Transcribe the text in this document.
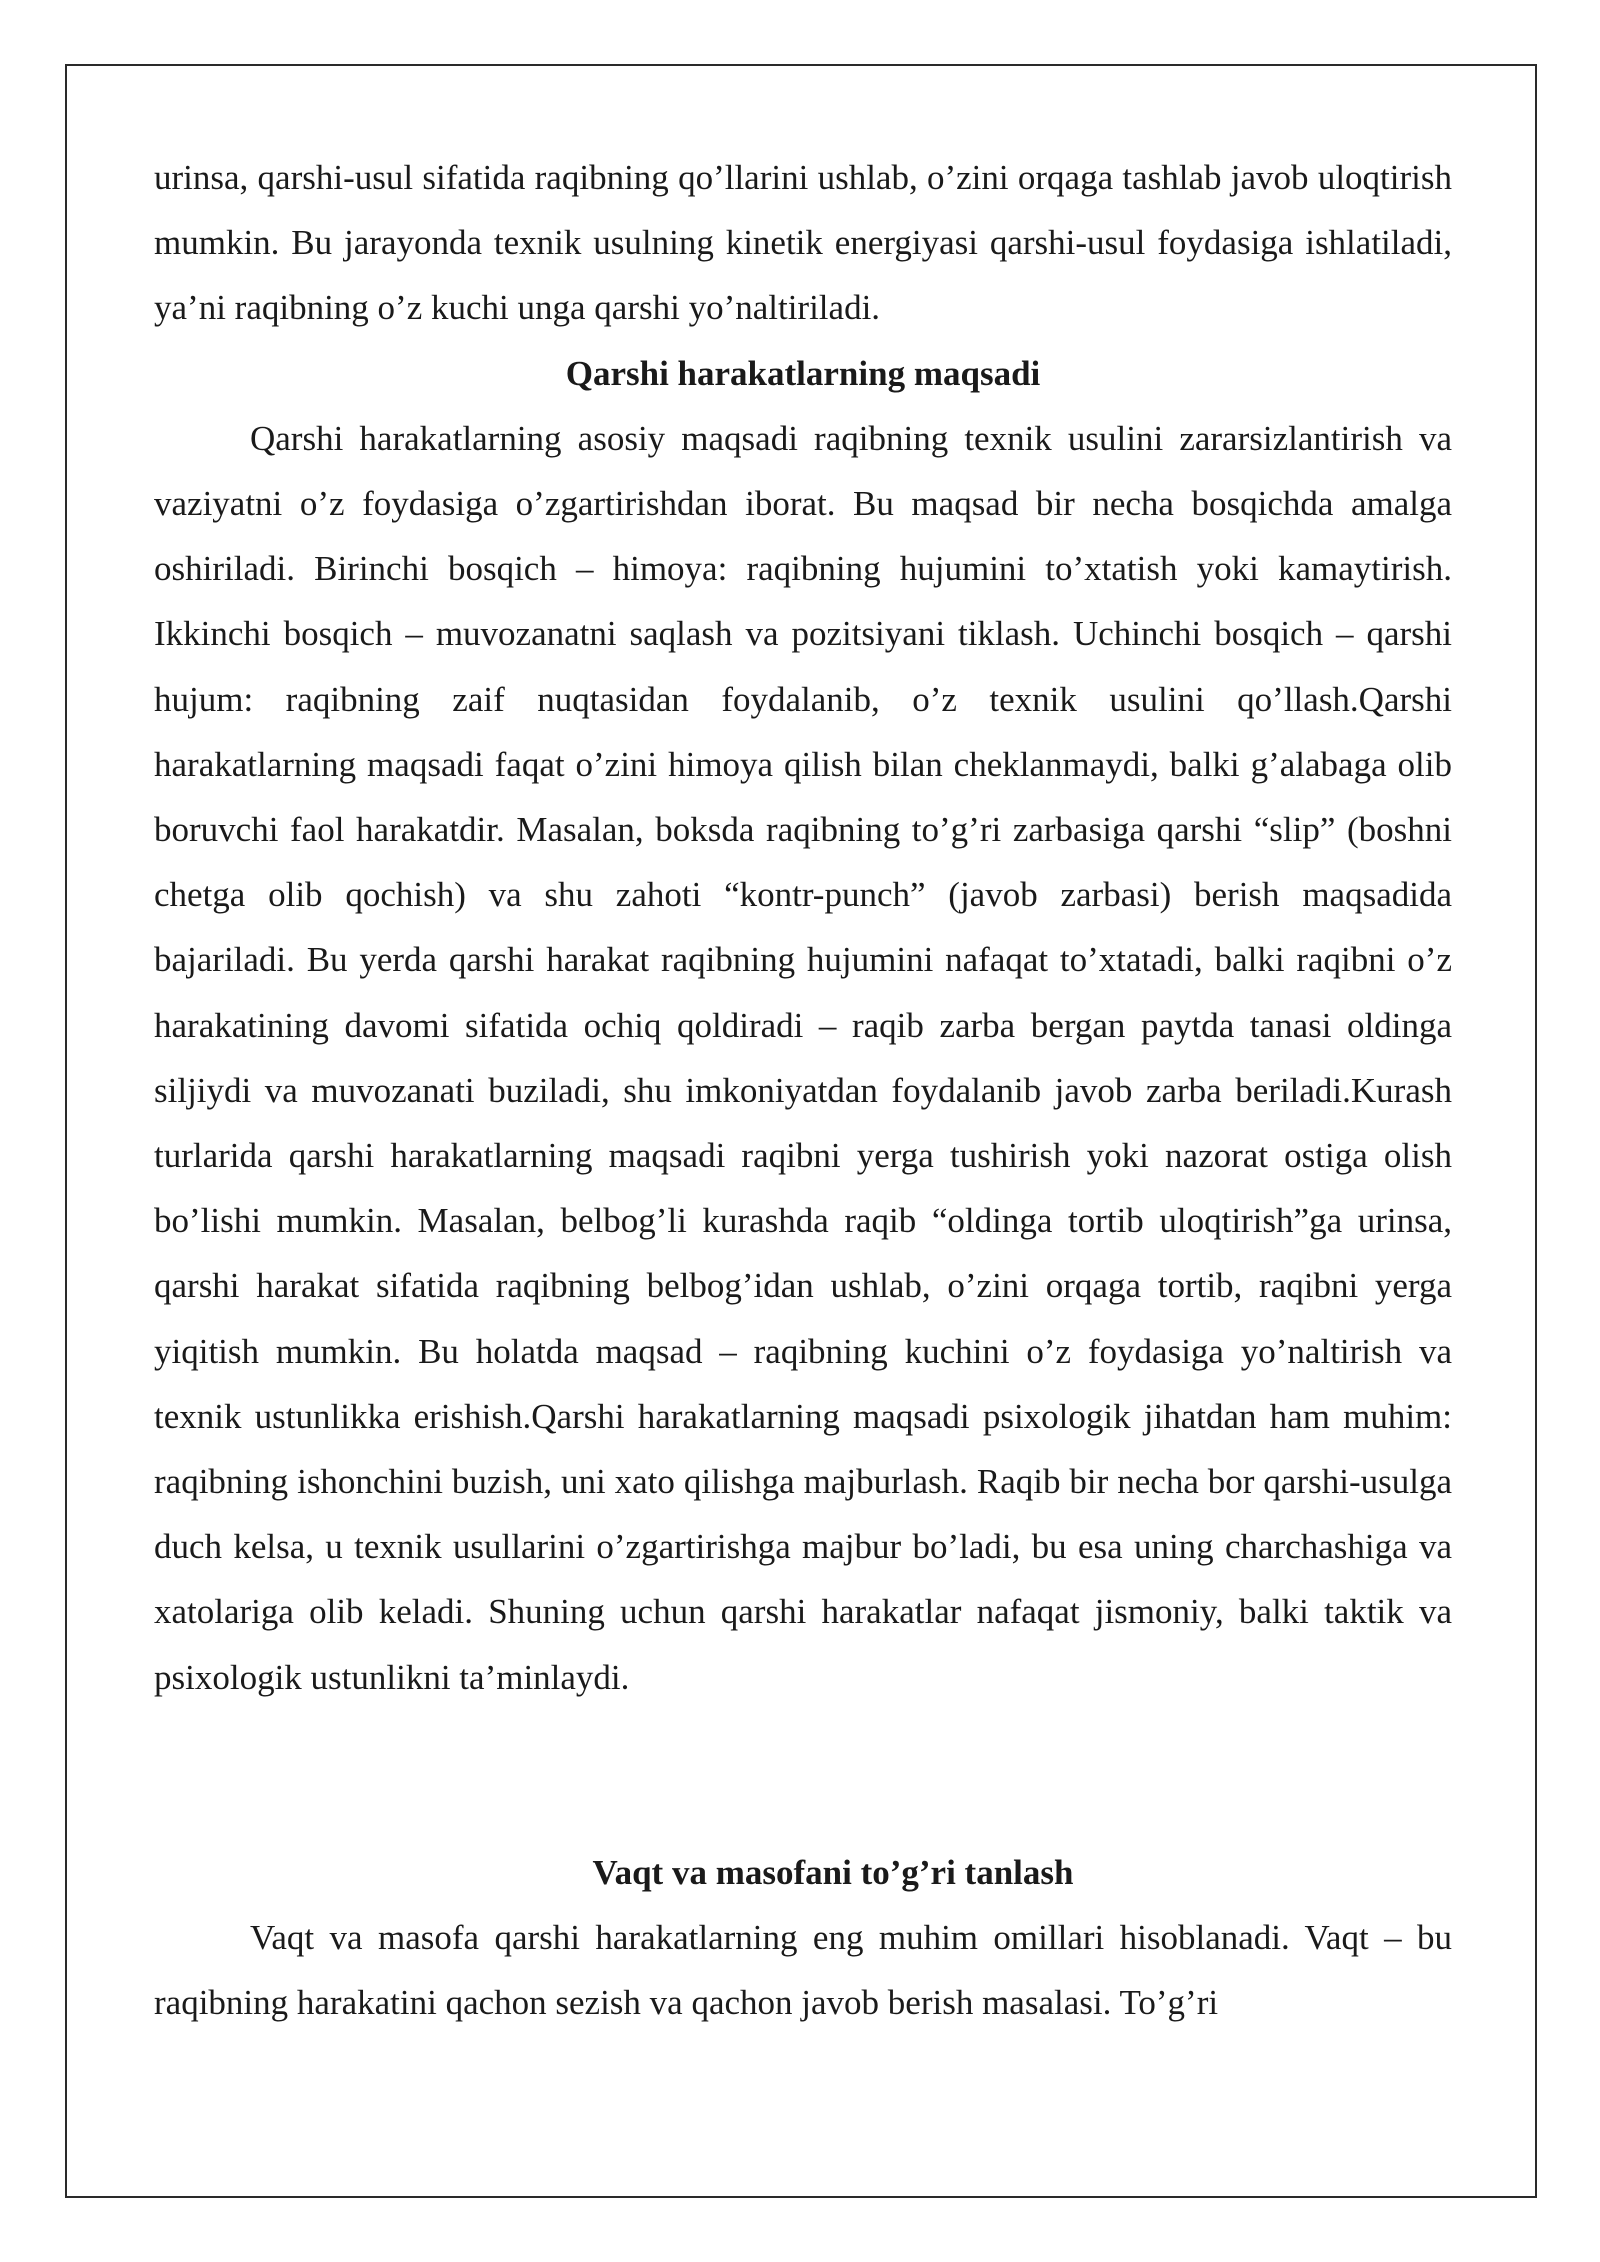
urinsa, qarshi-usul sifatida raqibning qo’llarini ushlab, o’zini orqaga tashlab javob uloqtirish mumkin. Bu jarayonda texnik usulning kinetik energiyasi qarshi-usul foydasiga ishlatiladi, ya’ni raqibning o’z kuchi unga qarshi yo’naltiriladi.

Qarshi harakatlarning maqsadi

Qarshi harakatlarning asosiy maqsadi raqibning texnik usulini zararsizlantirish va vaziyatni o’z foydasiga o’zgartirishdan iborat. Bu maqsad bir necha bosqichda amalga oshiriladi. Birinchi bosqich – himoya: raqibning hujumini to’xtatish yoki kamaytirish. Ikkinchi bosqich – muvozanatni saqlash va pozitsiyani tiklash. Uchinchi bosqich – qarshi hujum: raqibning zaif nuqtasidan foydalanib, o’z texnik usulini qo’llash.Qarshi harakatlarning maqsadi faqat o’zini himoya qilish bilan cheklanmaydi, balki g’alabaga olib boruvchi faol harakatdir. Masalan, boksda raqibning to’g’ri zarbasiga qarshi “slip” (boshni chetga olib qochish) va shu zahoti “kontr-punch” (javob zarbasi) berish maqsadida bajariladi. Bu yerda qarshi harakat raqibning hujumini nafaqat to’xtatadi, balki raqibni o’z harakatining davomi sifatida ochiq qoldiradi – raqib zarba bergan paytda tanasi oldinga siljiydi va muvozanati buziladi, shu imkoniyatdan foydalanib javob zarba beriladi.Kurash turlarida qarshi harakatlarning maqsadi raqibni yerga tushirish yoki nazorat ostiga olish bo’lishi mumkin. Masalan, belbog’li kurashda raqib “oldinga tortib uloqtirish”ga urinsa, qarshi harakat sifatida raqibning belbog’idan ushlab, o’zini orqaga tortib, raqibni yerga yiqitish mumkin. Bu holatda maqsad – raqibning kuchini o’z foydasiga yo’naltirish va texnik ustunlikka erishish.Qarshi harakatlarning maqsadi psixologik jihatdan ham muhim: raqibning ishonchini buzish, uni xato qilishga majburlash. Raqib bir necha bor qarshi-usulga duch kelsa, u texnik usullarini o’zgartirishga majbur bo’ladi, bu esa uning charchashiga va xatolariga olib keladi. Shuning uchun qarshi harakatlar nafaqat jismoniy, balki taktik va psixologik ustunlikni ta’minlaydi.

Vaqt va masofani to’g’ri tanlash

Vaqt va masofa qarshi harakatlarning eng muhim omillari hisoblanadi. Vaqt – bu raqibning harakatini qachon sezish va qachon javob berish masalasi. To’g’ri
